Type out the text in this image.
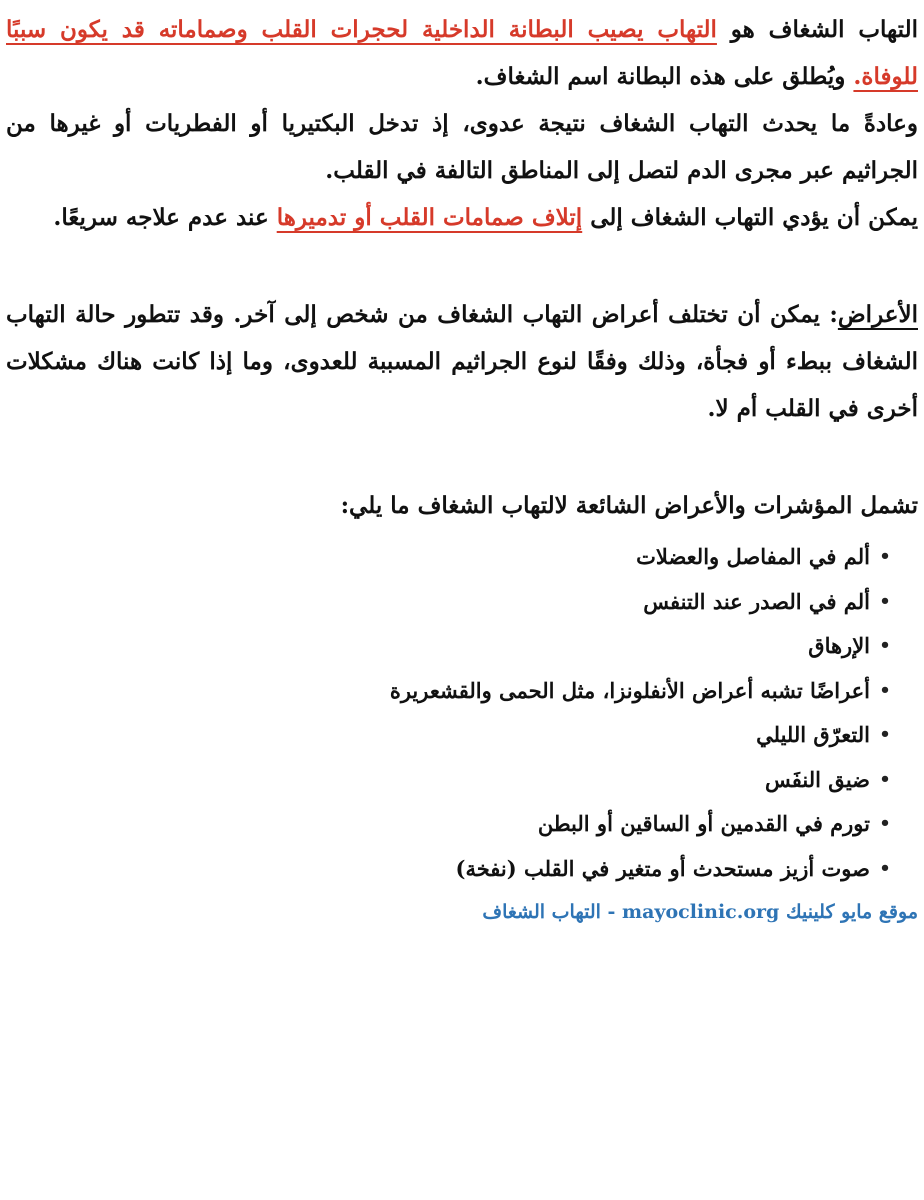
التهاب الشغاف هو التهاب يصيب البطانة الداخلية لحجرات القلب وصماماته قد يكون سببًا للوفاة. ويُطلق على هذه البطانة اسم الشغاف.

وعادةً ما يحدث التهاب الشغاف نتيجة عدوى، إذ تدخل البكتيريا أو الفطريات أو غيرها من الجراثيم عبر مجرى الدم لتصل إلى المناطق التالفة في القلب.

يمكن أن يؤدي التهاب الشغاف إلى إتلاف صمامات القلب أو تدميرها عند عدم علاجه سريعًا.

الأعراض: يمكن أن تختلف أعراض التهاب الشغاف من شخص إلى آخر. وقد تتطور حالة التهاب الشغاف ببطء أو فجأة، وذلك وفقًا لنوع الجراثيم المسببة للعدوى، وما إذا كانت هناك مشكلات أخرى في القلب أم لا.

تشمل المؤشرات والأعراض الشائعة لالتهاب الشغاف ما يلي:

•
ألم في المفاصل والعضلات
•
ألم في الصدر عند التنفس
•
الإرهاق
•
أعراضًا تشبه أعراض الأنفلونزا، مثل الحمى والقشعريرة
•
التعرّق الليلي
•
ضيق النفَس
•
تورم في القدمين أو الساقين أو البطن
•
صوت أزيز مستحدث أو متغير في القلب (نفخة)
موقع مايو كلينيك mayoclinic.org - التهاب الشغاف
